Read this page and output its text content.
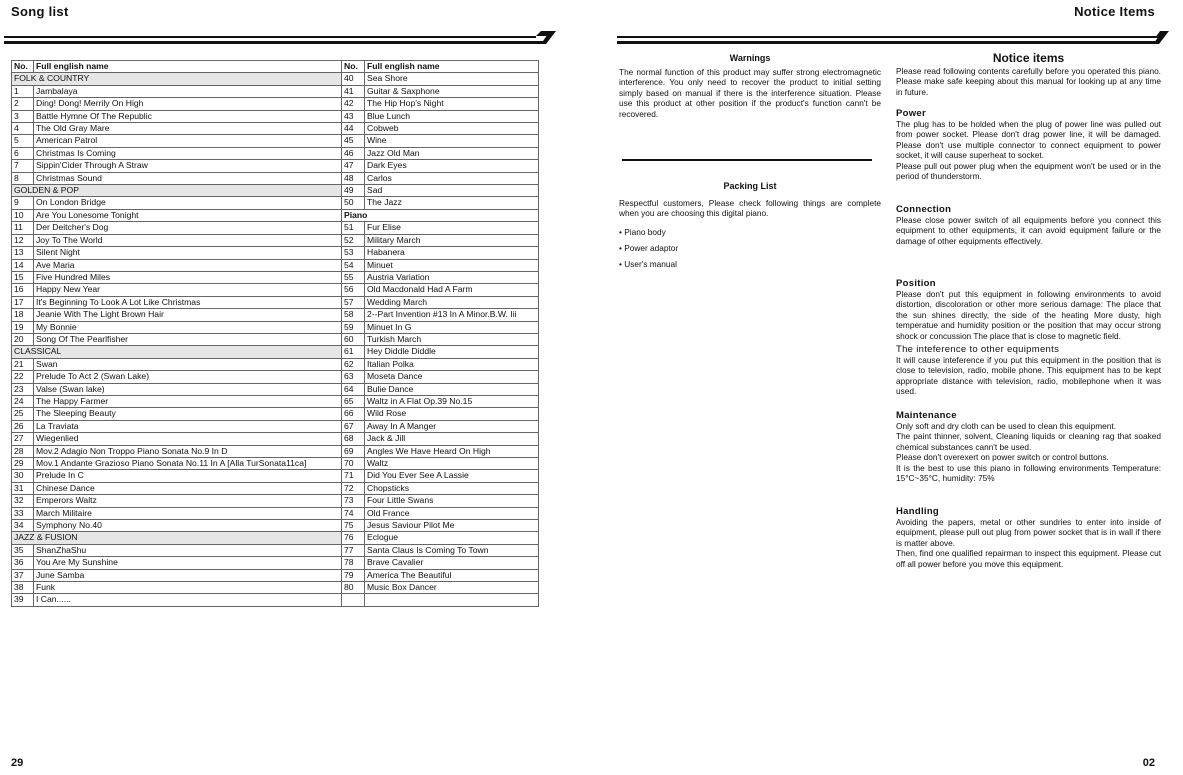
Song list
No.	Full english name	No.	Full english name
FOLK & COUNTRY		40	Sea Shore
1	Jambalaya	41	Guitar & Saxphone
2	Ding! Dong! Merrily On High	42	The Hip Hop's Night
3	Battle Hymne Of The Republic	43	Blue Lunch
4	The Old Gray Mare	44	Cobweb
5	American Patrol	45	Wine
6	Christmas Is Coming	46	Jazz Old Man
7	Sippin'Cider Through A Straw	47	Dark Eyes
8	Christmas Sound	48	Carlos
GOLDEN & POP		49	Sad
9	On London Bridge	50	The Jazz
10	Are You Lonesome Tonight	Piano	
11	Der Deitcher's Dog	51	Fur Elise
12	Joy To The World	52	Military March
13	Silent Night	53	Habanera
14	Ave Maria	54	Minuet
15	Five Hundred Miles	55	Austria Variation
16	Happy New Year	56	Old Macdonald Had A Farm
17	It's Beginning To Look A Lot Like Christmas	57	Wedding March
18	Jeanie With The Light Brown Hair	58	2--Part Invention #13 In A Minor.B.W. Iii
19	My Bonnie	59	Minuet In G
20	Song Of The Pearlfisher	60	Turkish March
CLASSICAL		61	Hey Diddle Diddle
21	Swan	62	Italian Polka
22	Prelude To Act 2 (Swan Lake)	63	Moseta Dance
23	Valse (Swan lake)	64	Bulie Dance
24	The Happy Farmer	65	Waltz in A Flat Op.39 No.15
25	The Sleeping Beauty	66	Wild Rose
26	La Traviata	67	Away In A Manger
27	Wiegenlied	68	Jack & Jill
28	Mov.2 Adagio Non Troppo Piano Sonata No.9 In D	69	Angles We Have Heard On High
29	Mov.1 Andante Grazioso Piano Sonata No.11 In A [Alla TurSonata11ca]	70	Waltz
30	Prelude In C	71	Did You Ever See A Lassie
31	Chinese Dance	72	Chopsticks
32	Emperors Waltz	73	Four Little Swans
33	March Militaire	74	Old France
34	Symphony No.40	75	Jesus Saviour Pilot Me
JAZZ & FUSION		76	Eclogue
35	ShanZhaShu	77	Santa Claus Is Coming To Town
36	You Are My Sunshine	78	Brave Cavalier
37	June Samba	79	America The Beautiful
38	Funk	80	Music Box Dancer
39	I Can......		
29
Notice Items
Warnings
The normal function of this product may suffer strong electromagnetic interference. You only need to recover the product to initial setting simply based on manual if there is the interference situation. Please use this product at other position if the product's function cann't be recovered.
Packing List
Respectful customers, Please check following things are complete when you are choosing this digital piano.
• Piano body
• Power adaptor
• User's manual
Notice items
Please read following contents carefully before you operated this piano. Please make safe keeping about this manual for looking up at any time in future.
Power
The plug has to be holded when the plug of power line was pulled out from power socket. Please don't drag power line, it will be damaged. Please don't use multiple connector to connect equipment to power socket, it will cause superheat to socket.
Please pull out power plug when the equipment won't be used or in the period of thunderstorm.
Connection
Please close power switch of all equipments before you connect this equipment to other equipments, it can avoid equipment failure or the damage of other equipments effectively.
Position
Please don't put this equipment in following environments to avoid distortion, discoloration or other more serious damage: The place that the sun shines directly, the side of the heating More dusty, high temperatue and humidity position or the position that may occur strong shock or concussion The place that is close to magnetic field.
The inteference to other equipments
It will cause inteference if you put this equipment in the position that is close to television, radio, mobile phone. This equipment has to be kept appropriate distance with television, radio, mobilephone when it was used.
Maintenance
Only soft and dry cloth can be used to clean this equipment.
The paint thinner, solvent, Cleaning liquids or cleaning rag that soaked chemical substances cann't be used.
Please don't overexert on power switch or control buttons.
It is the best to use this piano in following environments Temperature: 15°C~35°C, humidity: 75%
Handling
Avoiding the papers, metal or other sundries to enter into inside of equipment, please pull out plug from power socket that is in wall if there is matter above.
Then, find one qualified repairman to inspect this equipment. Please cut off all power before you move this equipment.
02
